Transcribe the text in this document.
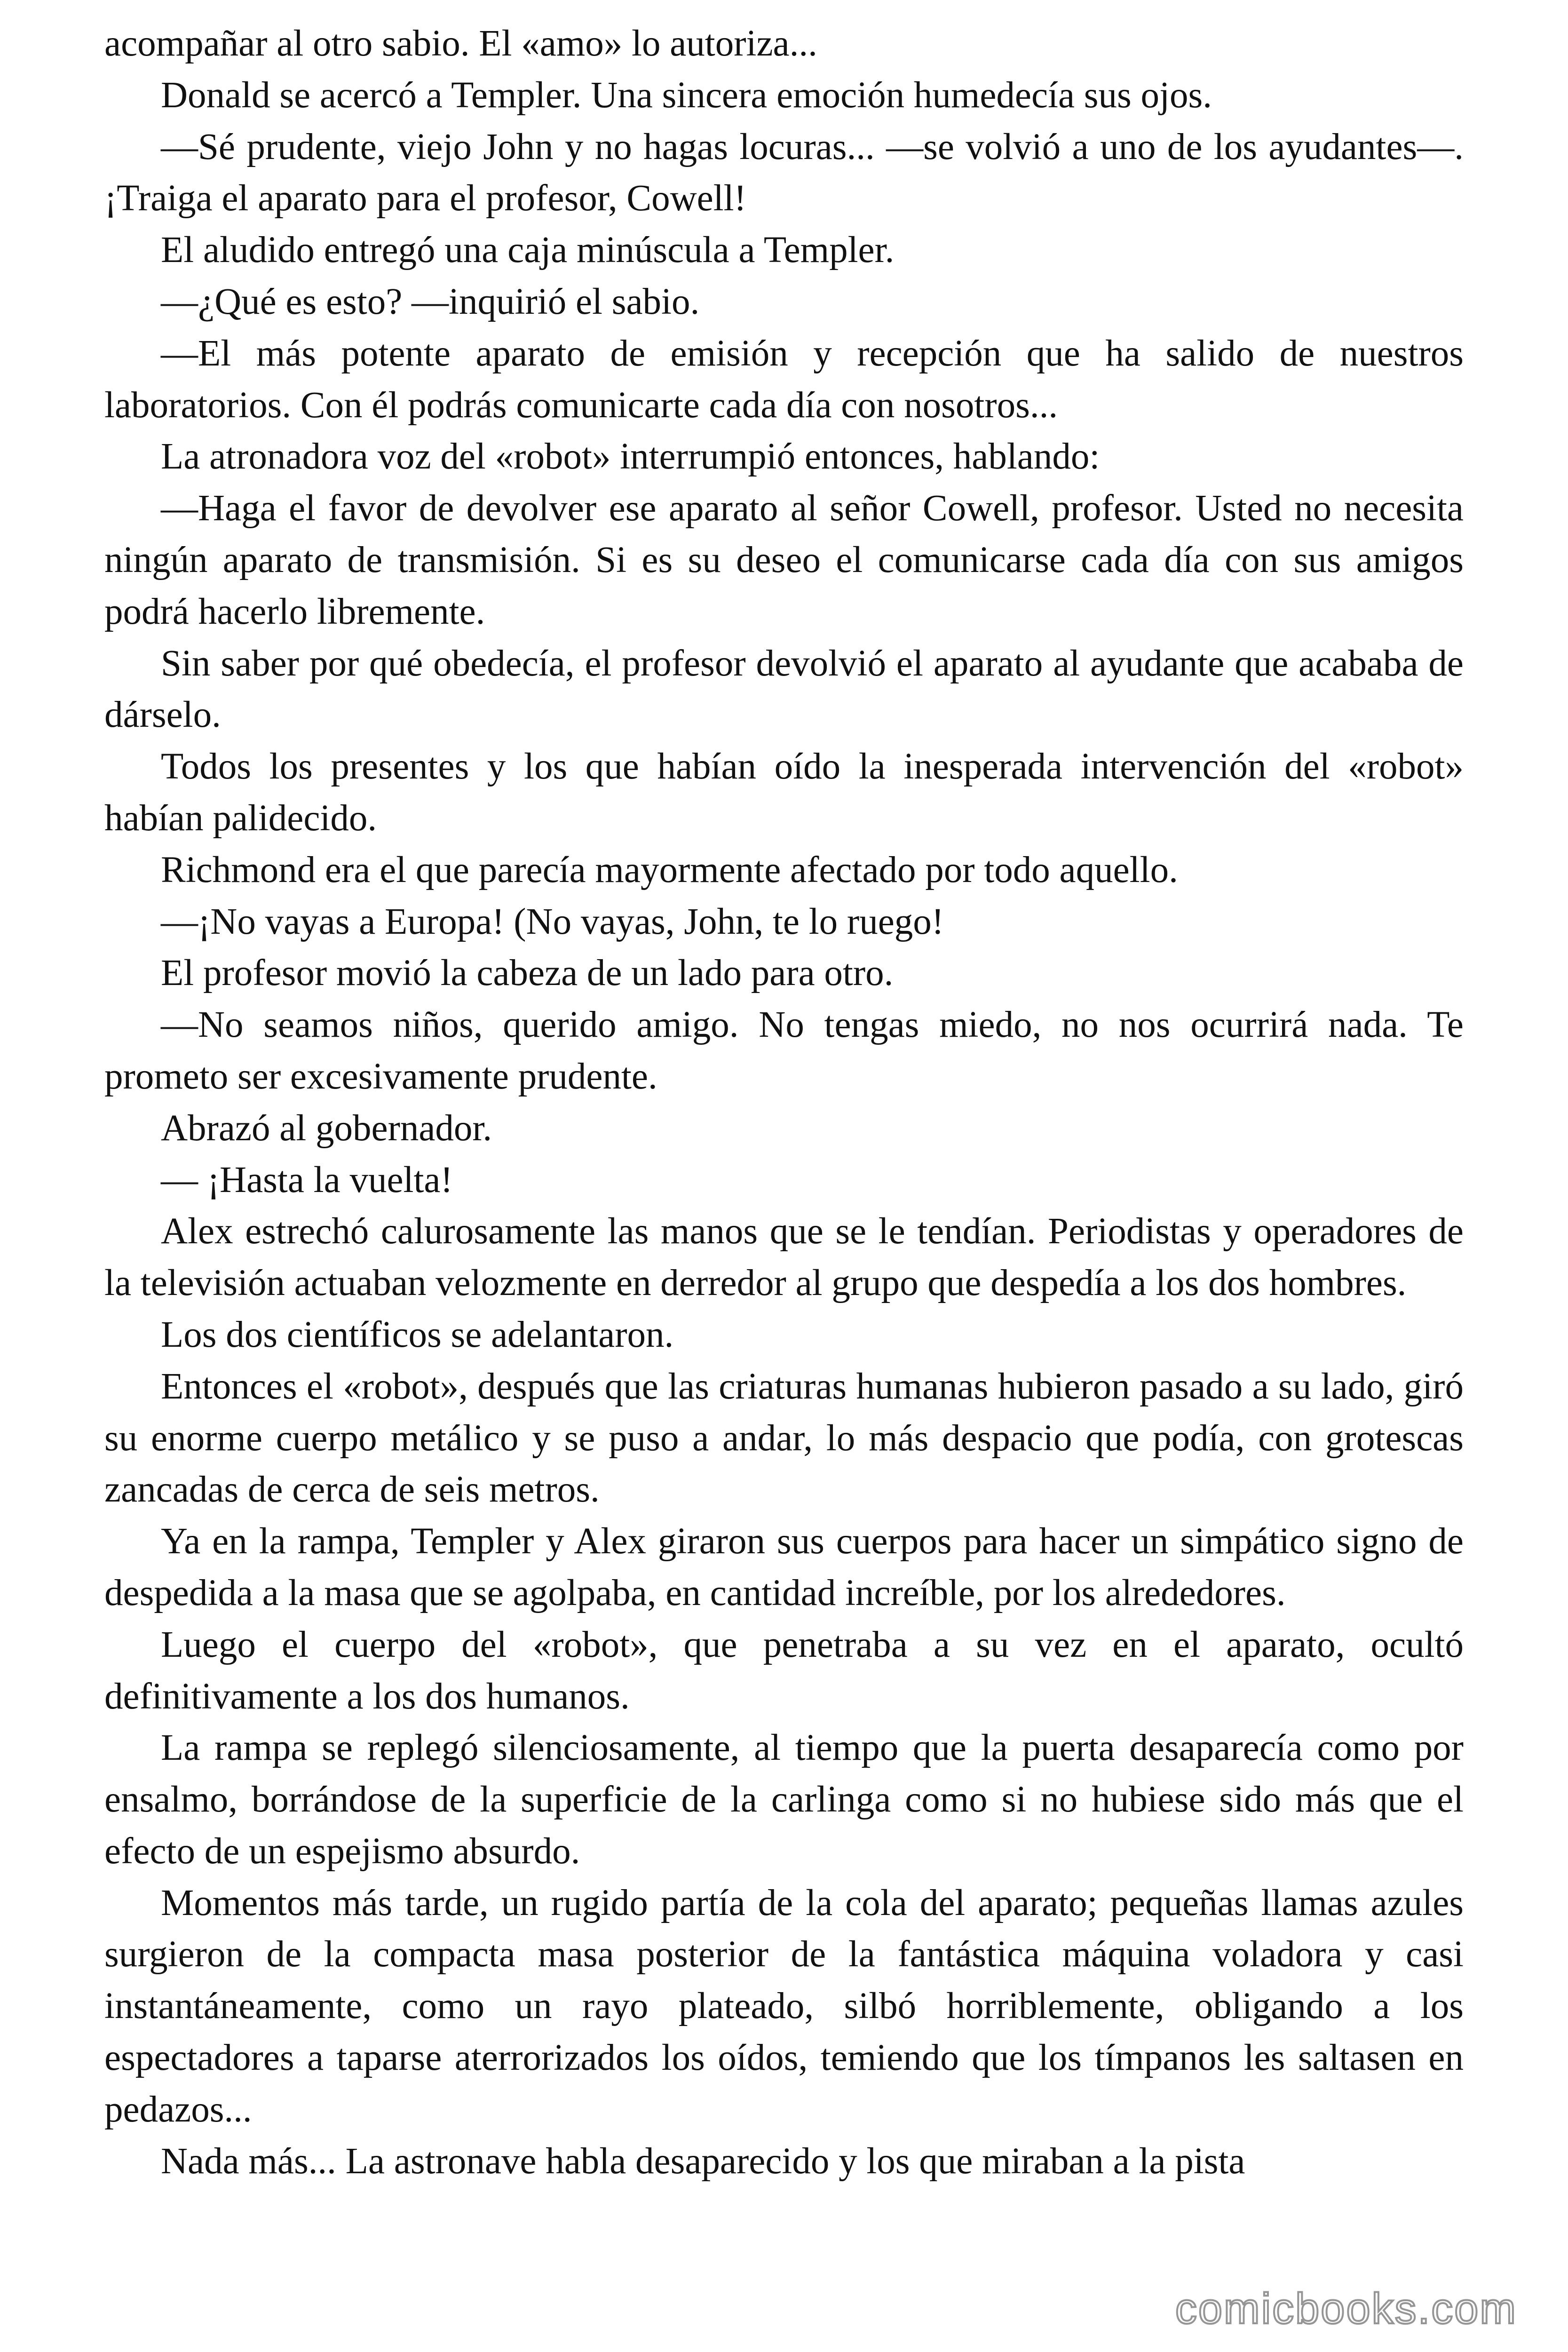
acompañar al otro sabio. El «amo» lo autoriza...

Donald se acercó a Templer. Una sincera emoción humedecía sus ojos.

—Sé prudente, viejo John y no hagas locuras... —se volvió a uno de los ayudantes—. ¡Traiga el aparato para el profesor, Cowell!

El aludido entregó una caja minúscula a Templer.

—¿Qué es esto? —inquirió el sabio.

—El más potente aparato de emisión y recepción que ha salido de nuestros laboratorios. Con él podrás comunicarte cada día con nosotros...

La atronadora voz del «robot» interrumpió entonces, hablando:

—Haga el favor de devolver ese aparato al señor Cowell, profesor. Usted no necesita ningún aparato de transmisión. Si es su deseo el comunicarse cada día con sus amigos podrá hacerlo libremente.

Sin saber por qué obedecía, el profesor devolvió el aparato al ayudante que acababa de dárselo.

Todos los presentes y los que habían oído la inesperada intervención del «robot» habían palidecido.

Richmond era el que parecía mayormente afectado por todo aquello.

—¡No vayas a Europa! (No vayas, John, te lo ruego!

El profesor movió la cabeza de un lado para otro.

—No seamos niños, querido amigo. No tengas miedo, no nos ocurrirá nada. Te prometo ser excesivamente prudente.

Abrazó al gobernador.

— ¡Hasta la vuelta!

Alex estrechó calurosamente las manos que se le tendían. Periodistas y operadores de la televisión actuaban velozmente en derredor al grupo que despedía a los dos hombres.

Los dos científicos se adelantaron.

Entonces el «robot», después que las criaturas humanas hubieron pasado a su lado, giró su enorme cuerpo metálico y se puso a andar, lo más despacio que podía, con grotescas zancadas de cerca de seis metros.

Ya en la rampa, Templer y Alex giraron sus cuerpos para hacer un simpático signo de despedida a la masa que se agolpaba, en cantidad increíble, por los alrededores.

Luego el cuerpo del «robot», que penetraba a su vez en el aparato, ocultó definitivamente a los dos humanos.

La rampa se replegó silenciosamente, al tiempo que la puerta desaparecía como por ensalmo, borrándose de la superficie de la carlinga como si no hubiese sido más que el efecto de un espejismo absurdo.

Momentos más tarde, un rugido partía de la cola del aparato; pequeñas llamas azules surgieron de la compacta masa posterior de la fantástica máquina voladora y casi instantáneamente, como un rayo plateado, silbó horriblemente, obligando a los espectadores a taparse aterrorizados los oídos, temiendo que los tímpanos les saltasen en pedazos...

Nada más... La astronave habla desaparecido y los que miraban a la pista

comicbooks.com
